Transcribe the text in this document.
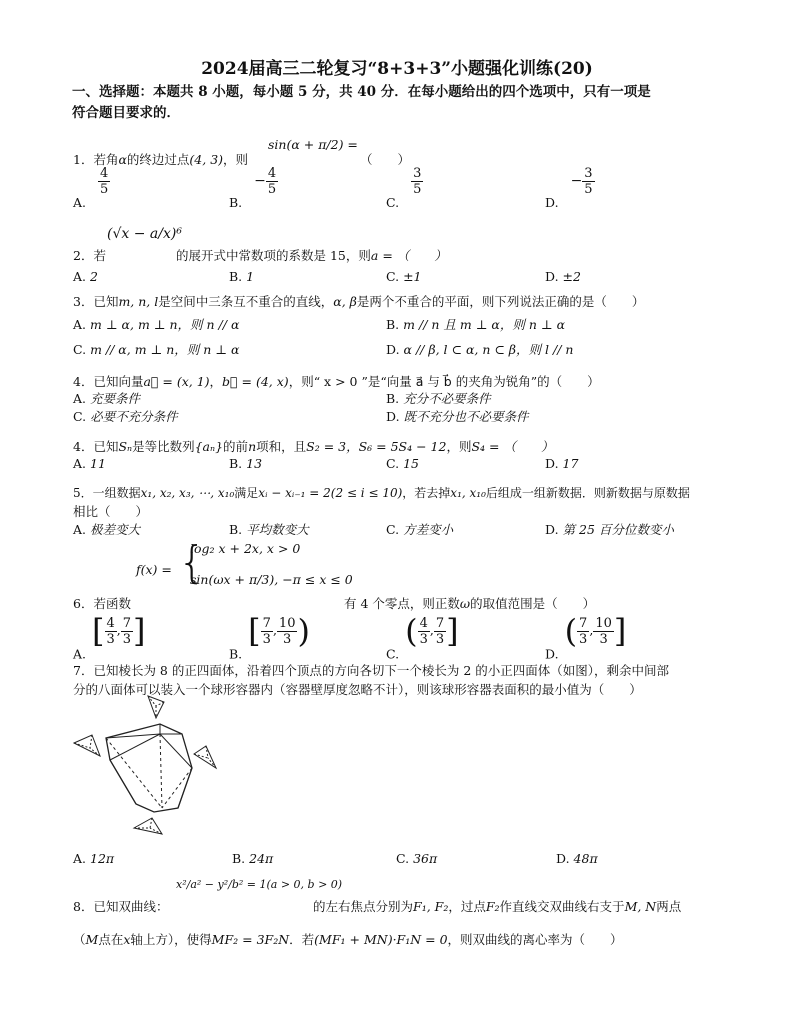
2024届高三二轮复习“8+3+3”小题强化训练(20)
一、选择题：本题共 8 小题，每小题 5 分，共 40 分．在每小题给出的四个选项中，只有一项是
符合题目要求的．
1．若角α的终边过点(4, 3)，则
sin(α + π/2) =
（　　）
A.
$\frac{4}{5}$
$B.- \frac{4}{5}$
C.
$\frac{3}{5}$
$D.- \frac{3}{5}$
2．若
(√x − a/x)⁶
的展开式中常数项的系数是 15，则a = （　　）
A. 2	B. 1	C. ±1	D. ±2
3．已知m, n, l是空间中三条互不重合的直线，α, β是两个不重合的平面，则下列说法正确的是（　　）
A. m ⊥ α, m ⊥ n，则 n // α	B. m // n 且 m ⊥ α，则 n ⊥ α
C. m // α, m ⊥ n，则 n ⊥ α	D. α // β, l ⊂ α, n ⊂ β，则 l // n
4．已知向量a⃗ = (x, 1)，b⃗ = (4, x)，则“ x > 0 ”是“向量 a⃗ 与 b⃗ 的夹角为锐角”的（　　）
A. 充要条件	B. 充分不必要条件
C. 必要不充分条件	D. 既不充分也不必要条件
4．已知Sₙ是等比数列{aₙ}的前n项和，且S₂ = 3，S₆ = 5S₄ − 12，则S₄ = （　　）
A. 11	B. 13	C. 15	D. 17
5．一组数据x₁, x₂, x₃, ⋯, x₁₀满足xᵢ − xᵢ₋₁ = 2(2 ≤ i ≤ 10)，若去掉x₁, x₁₀后组成一组新数据．则新数据与原数据
相比（　　）
A. 极差变大	B. 平均数变大	C. 方差变小	D. 第 25 百分位数变小
f(x) = {
log₂ x + 2x, x > 0
sin(ωx + π/3), −π ≤ x ≤ 0
6．若函数	有 4 个零点，则正数ω的取值范围是（　　）
$A.[ \frac{4}{3}$ , $\frac{7}{3}$ ]
$B.[ \frac{7}{3}$ , $\frac{10}{3}$ )
$C.( \frac{4}{3}$ , $\frac{7}{3}$ ]
$D.( \frac{7}{3}$ , $\frac{10}{3}$ ]
7．已知棱长为 8 的正四面体，沿着四个顶点的方向各切下一个棱长为 2 的小正四面体（如图），剩余中间部
分的八面体可以装入一个球形容器内（容器壁厚度忽略不计），则该球形容器表面积的最小值为（　　）
A. 12π	B. 24π	C. 36π	D. 48π
8．已知双曲线：
x²/a² − y²/b² = 1(a > 0, b > 0)
的左右焦点分别为F₁, F₂，过点F₂作直线交双曲线右支于M, N两点
（M点在x轴上方），使得MF₂ = 3F₂N．若(MF₁ + MN)·F₁N = 0，则双曲线的离心率为（　　）
